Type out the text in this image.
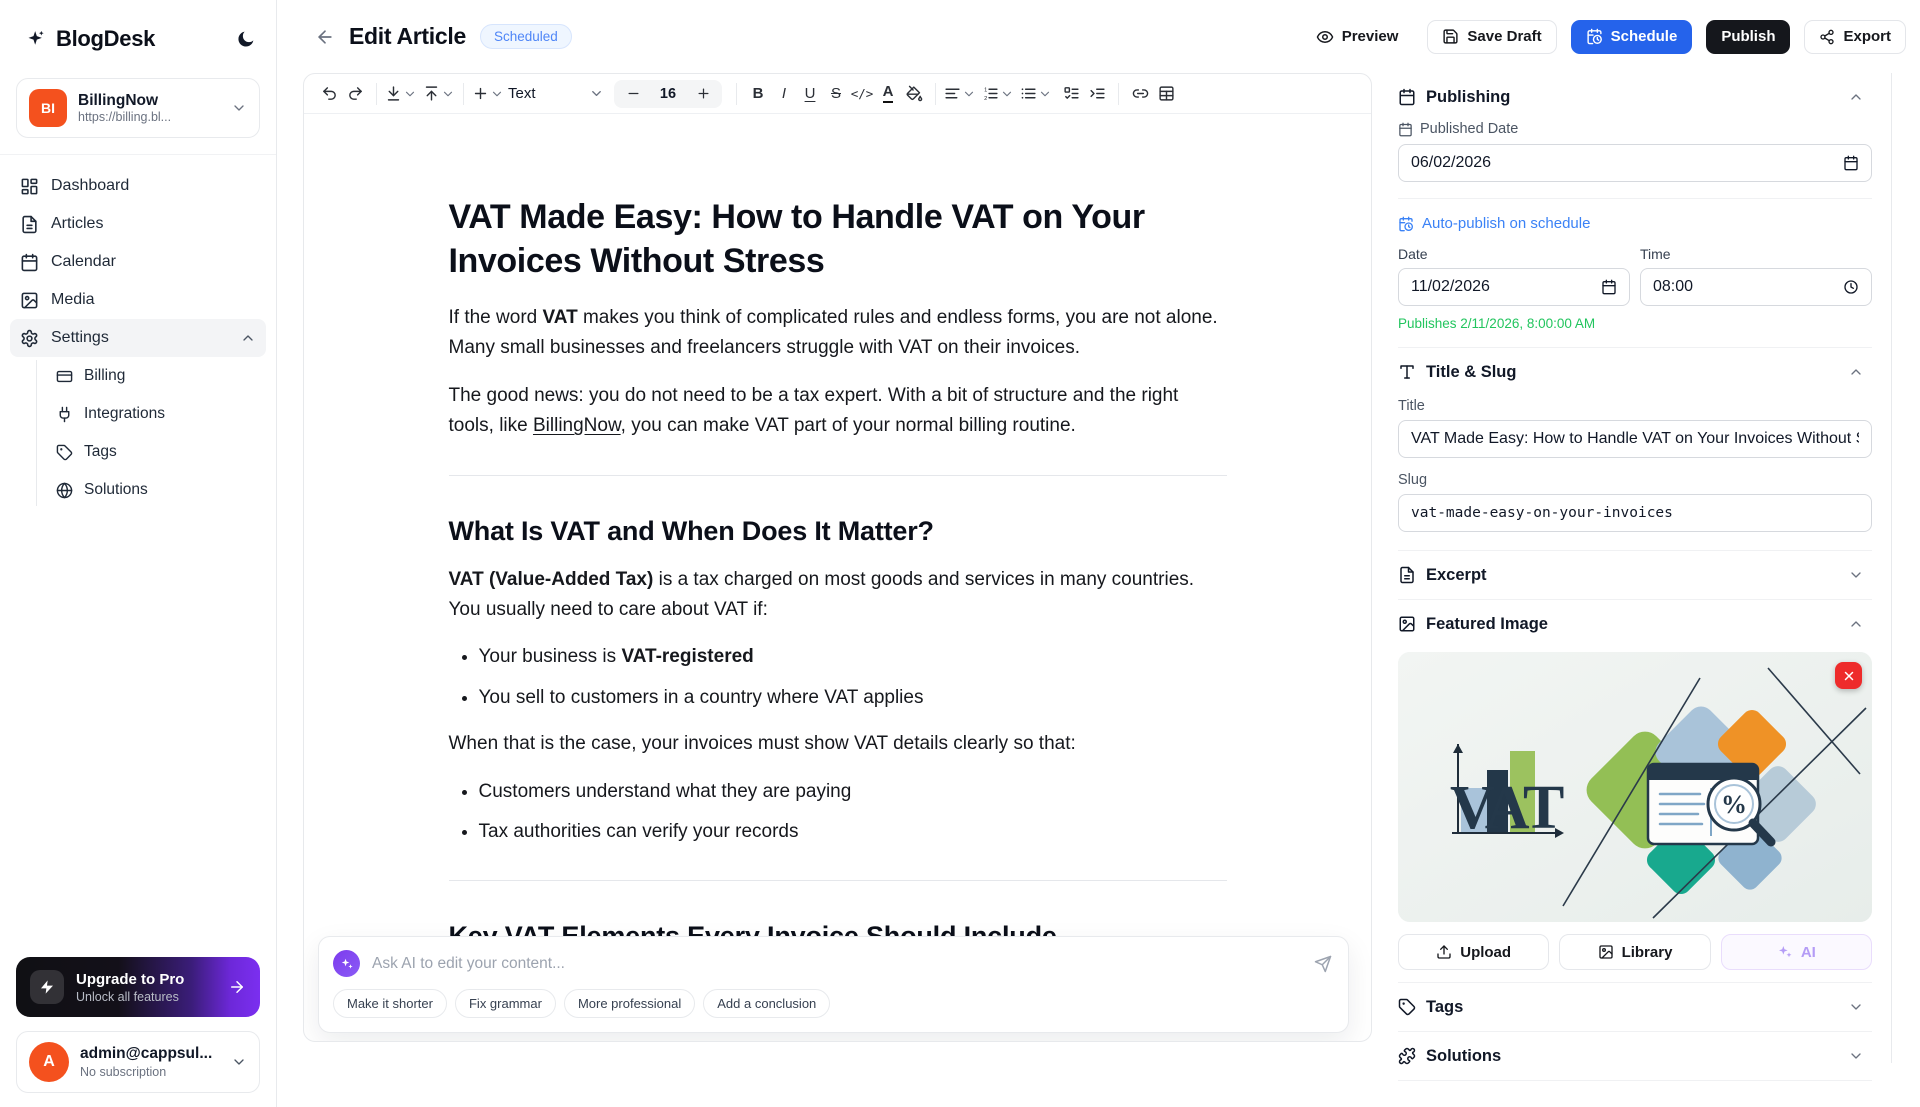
BlogDesk
BI	BillingNow
https://billing.bl...
Dashboard
Articles
Calendar
Media
Settings
Billing
Integrations
Tags
Solutions
Upgrade to Pro
Unlock all features
A	admin@cappsul...
No subscription
Edit Article	Scheduled	Preview	Save Draft	Schedule	Publish	Export
Text	16	B	I	U	S </> A
VAT Made Easy: How to Handle VAT on Your Invoices Without Stress

If the word VAT makes you think of complicated rules and endless forms, you are not alone. Many small businesses and freelancers struggle with VAT on their invoices.

The good news: you do not need to be a tax expert. With a bit of structure and the right tools, like BillingNow, you can make VAT part of your normal billing routine.

What Is VAT and When Does It Matter?

VAT (Value-Added Tax) is a tax charged on most goods and services in many countries. You usually need to care about VAT if:

• Your business is VAT-registered
• You sell to customers in a country where VAT applies

When that is the case, your invoices must show VAT details clearly so that:

• Customers understand what they are paying
• Tax authorities can verify your records

Ask AI to edit your content...
Make it shorter	Fix grammar	More professional	Add a conclusion
Publishing
Published Date
06/02/2026
Auto-publish on schedule
Date
11/02/2026
Time
08:00
Publishes 2/11/2026, 8:00:00 AM
Title & Slug
Title
VAT Made Easy: How to Handle VAT on Your Invoices Without Str
Slug
vat-made-easy-on-your-invoices
Excerpt
Featured Image
VAT	%
Upload	Library	AI
Tags
Solutions
